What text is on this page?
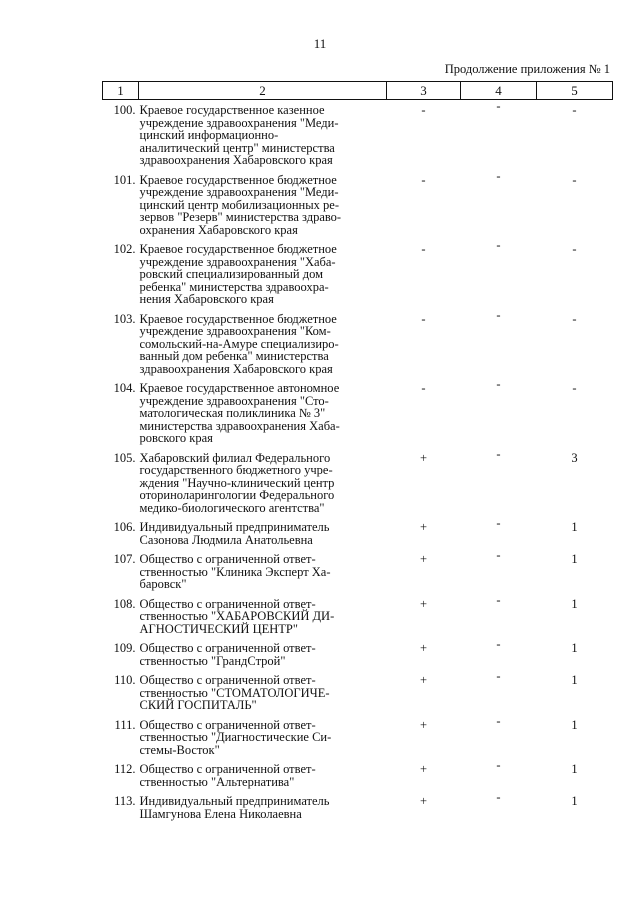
11
Продолжение приложения № 1
1	2	3	4	5
100.	Краевое государственное казенное
учреждение здравоохранения "Меди-
цинский информационно-
аналитический центр" министерства
здравоохранения Хабаровского края	-	-	-
101.	Краевое государственное бюджетное
учреждение здравоохранения "Меди-
цинский центр мобилизационных ре-
зервов "Резерв" министерства здраво-
охранения Хабаровского края	-	-	-
102.	Краевое государственное бюджетное
учреждение здравоохранения "Хаба-
ровский специализированный дом
ребенка" министерства здравоохра-
нения Хабаровского края	-	-	-
103.	Краевое государственное бюджетное
учреждение здравоохранения "Ком-
сомольский-на-Амуре специализиро-
ванный дом ребенка" министерства
здравоохранения Хабаровского края	-	-	-
104.	Краевое государственное автономное
учреждение здравоохранения "Сто-
матологическая поликлиника № 3"
министерства здравоохранения Хаба-
ровского края	-	-	-
105.	Хабаровский филиал Федерального
государственного бюджетного учре-
ждения "Научно-клинический центр
оториноларингологии Федерального
медико-биологического агентства"	+	-	3
106.	Индивидуальный предприниматель
Сазонова Людмила Анатольевна	+	-	1
107.	Общество с ограниченной ответ-
ственностью "Клиника Эксперт Ха-
баровск"	+	-	1
108.	Общество с ограниченной ответ-
ственностью "ХАБАРОВСКИЙ ДИ-
АГНОСТИЧЕСКИЙ ЦЕНТР"	+	-	1
109.	Общество с ограниченной ответ-
ственностью "ГрандСтрой"	+	-	1
110.	Общество с ограниченной ответ-
ственностью "СТОМАТОЛОГИЧЕ-
СКИЙ ГОСПИТАЛЬ"	+	-	1
111.	Общество с ограниченной ответ-
ственностью "Диагностические Си-
стемы-Восток"	+	-	1
112.	Общество с ограниченной ответ-
ственностью "Альтернатива"	+	-	1
113.	Индивидуальный предприниматель
Шамгунова Елена Николаевна	+	-	1
